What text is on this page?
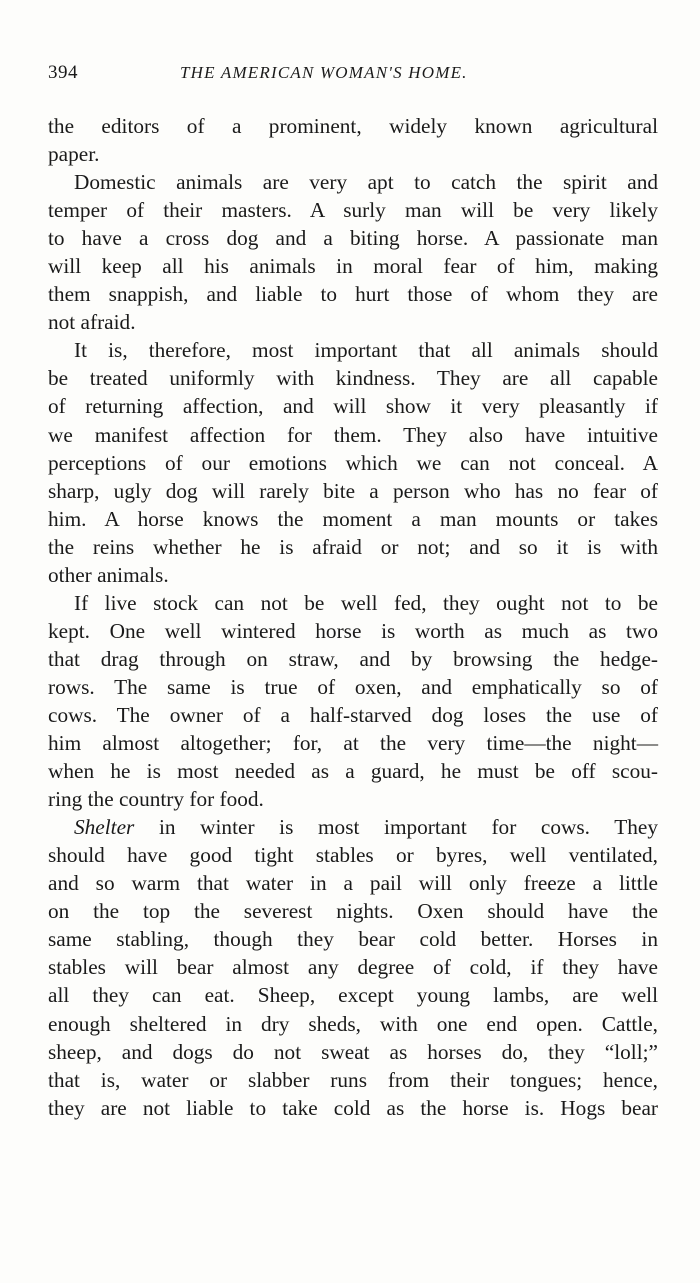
394	THE AMERICAN WOMAN'S HOME.
the editors of a prominent, widely known agricultural
paper.
Domestic animals are very apt to catch the spirit and
temper of their masters. A surly man will be very likely
to have a cross dog and a biting horse. A passionate man
will keep all his animals in moral fear of him, making
them snappish, and liable to hurt those of whom they are
not afraid.
It is, therefore, most important that all animals should
be treated uniformly with kindness. They are all capable
of returning affection, and will show it very pleasantly if
we manifest affection for them. They also have intuitive
perceptions of our emotions which we can not conceal. A
sharp, ugly dog will rarely bite a person who has no fear of
him. A horse knows the moment a man mounts or takes
the reins whether he is afraid or not; and so it is with
other animals.
If live stock can not be well fed, they ought not to be
kept. One well wintered horse is worth as much as two
that drag through on straw, and by browsing the hedge-
rows. The same is true of oxen, and emphatically so of
cows. The owner of a half-starved dog loses the use of
him almost altogether; for, at the very time—the night—
when he is most needed as a guard, he must be off scou-
ring the country for food.
Shelter in winter is most important for cows. They
should have good tight stables or byres, well ventilated,
and so warm that water in a pail will only freeze a little
on the top the severest nights. Oxen should have the
same stabling, though they bear cold better. Horses in
stables will bear almost any degree of cold, if they have
all they can eat. Sheep, except young lambs, are well
enough sheltered in dry sheds, with one end open. Cattle,
sheep, and dogs do not sweat as horses do, they “loll;”
that is, water or slabber runs from their tongues; hence,
they are not liable to take cold as the horse is. Hogs bear
